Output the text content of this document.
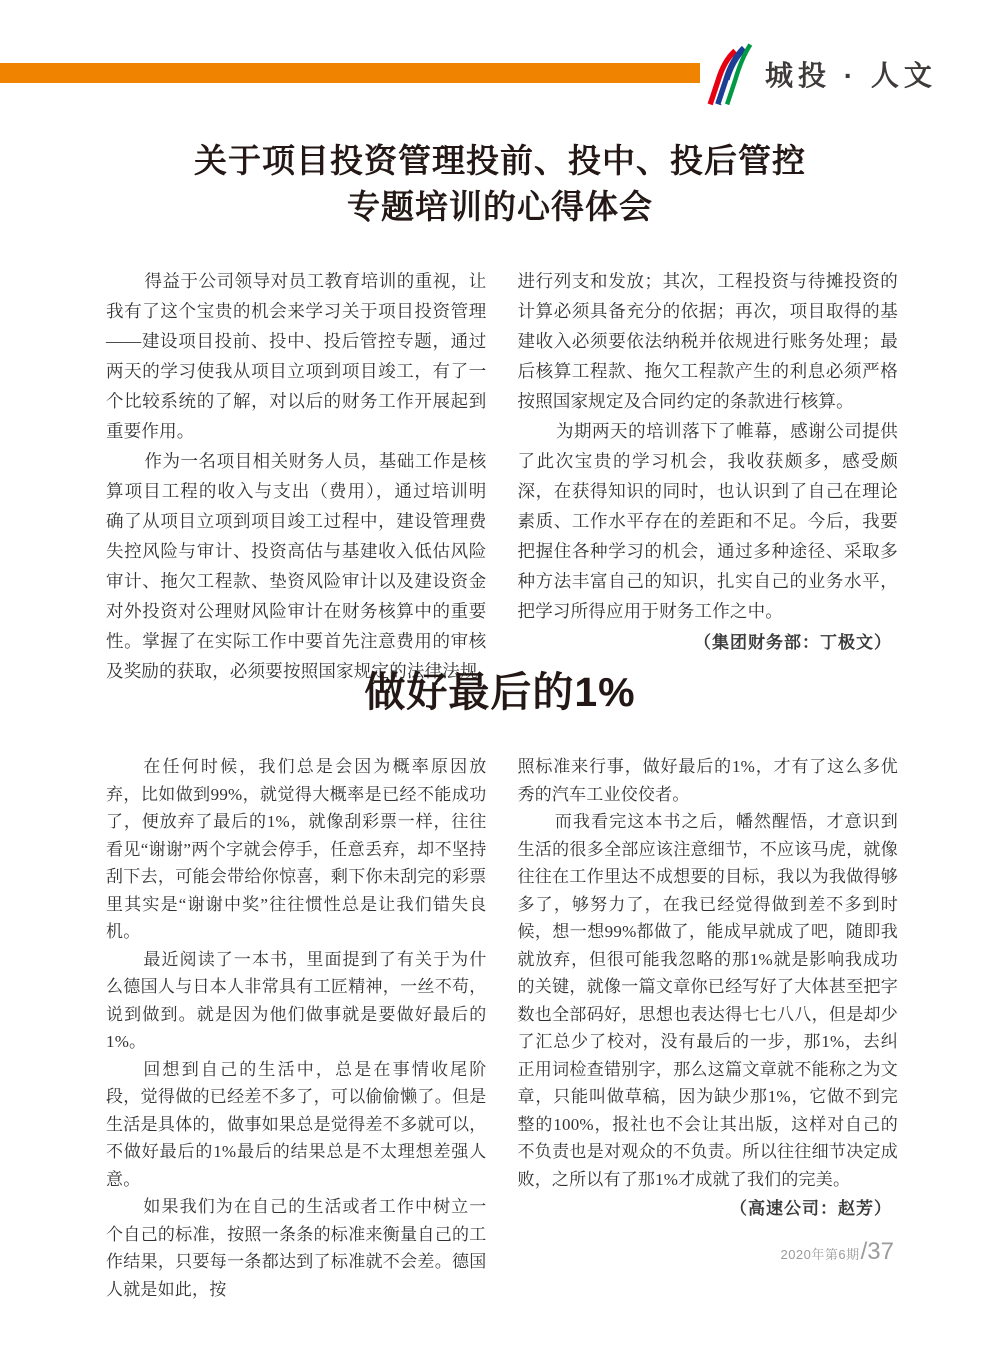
城投 · 人文
关于项目投资管理投前、投中、投后管控
专题培训的心得体会
得益于公司领导对员工教育培训的重视，让我有了这个宝贵的机会来学习关于项目投资管理——建设项目投前、投中、投后管控专题，通过两天的学习使我从项目立项到项目竣工，有了一个比较系统的了解，对以后的财务工作开展起到重要作用。
作为一名项目相关财务人员，基础工作是核算项目工程的收入与支出（费用），通过培训明确了从项目立项到项目竣工过程中，建设管理费失控风险与审计、投资高估与基建收入低估风险审计、拖欠工程款、垫资风险审计以及建设资金对外投资对公理财风险审计在财务核算中的重要性。掌握了在实际工作中要首先注意费用的审核及奖励的获取，必须要按照国家规定的法律法规
进行列支和发放；其次，工程投资与待摊投资的计算必须具备充分的依据；再次，项目取得的基建收入必须要依法纳税并依规进行账务处理；最后核算工程款、拖欠工程款产生的利息必须严格按照国家规定及合同约定的条款进行核算。
为期两天的培训落下了帷幕，感谢公司提供了此次宝贵的学习机会，我收获颇多，感受颇深，在获得知识的同时，也认识到了自己在理论素质、工作水平存在的差距和不足。今后，我要把握住各种学习的机会，通过多种途径、采取多种方法丰富自己的知识，扎实自己的业务水平，把学习所得应用于财务工作之中。
（集团财务部：丁极文）
做好最后的1%
在任何时候，我们总是会因为概率原因放弃，比如做到99%，就觉得大概率是已经不能成功了，便放弃了最后的1%，就像刮彩票一样，往往看见“谢谢”两个字就会停手，任意丢弃，却不坚持刮下去，可能会带给你惊喜，剩下你未刮完的彩票里其实是“谢谢中奖”往往惯性总是让我们错失良机。
最近阅读了一本书，里面提到了有关于为什么德国人与日本人非常具有工匠精神，一丝不苟，说到做到。就是因为他们做事就是要做好最后的 1%。
回想到自己的生活中，总是在事情收尾阶段，觉得做的已经差不多了，可以偷偷懒了。但是生活是具体的，做事如果总是觉得差不多就可以，不做好最后的1%最后的结果总是不太理想差强人意。
如果我们为在自己的生活或者工作中树立一个自己的标准，按照一条条的标准来衡量自己的工作结果，只要每一条都达到了标准就不会差。德国人就是如此，按
照标准来行事，做好最后的1%，才有了这么多优秀的汽车工业佼佼者。
而我看完这本书之后，幡然醒悟，才意识到生活的很多全部应该注意细节，不应该马虎，就像往往在工作里达不成想要的目标，我以为我做得够多了，够努力了，在我已经觉得做到差不多到时候，想一想99%都做了，能成早就成了吧，随即我就放弃，但很可能我忽略的那1%就是影响我成功的关键，就像一篇文章你已经写好了大体甚至把字数也全部码好，思想也表达得七七八八，但是却少了汇总少了校对，没有最后的一步，那1%，去纠正用词检查错别字，那么这篇文章就不能称之为文章，只能叫做草稿，因为缺少那1%，它做不到完整的100%，报社也不会让其出版，这样对自己的不负责也是对观众的不负责。所以往往细节决定成败，之所以有了那1%才成就了我们的完美。
（高速公司：赵芳）
2020年第6期 /37
